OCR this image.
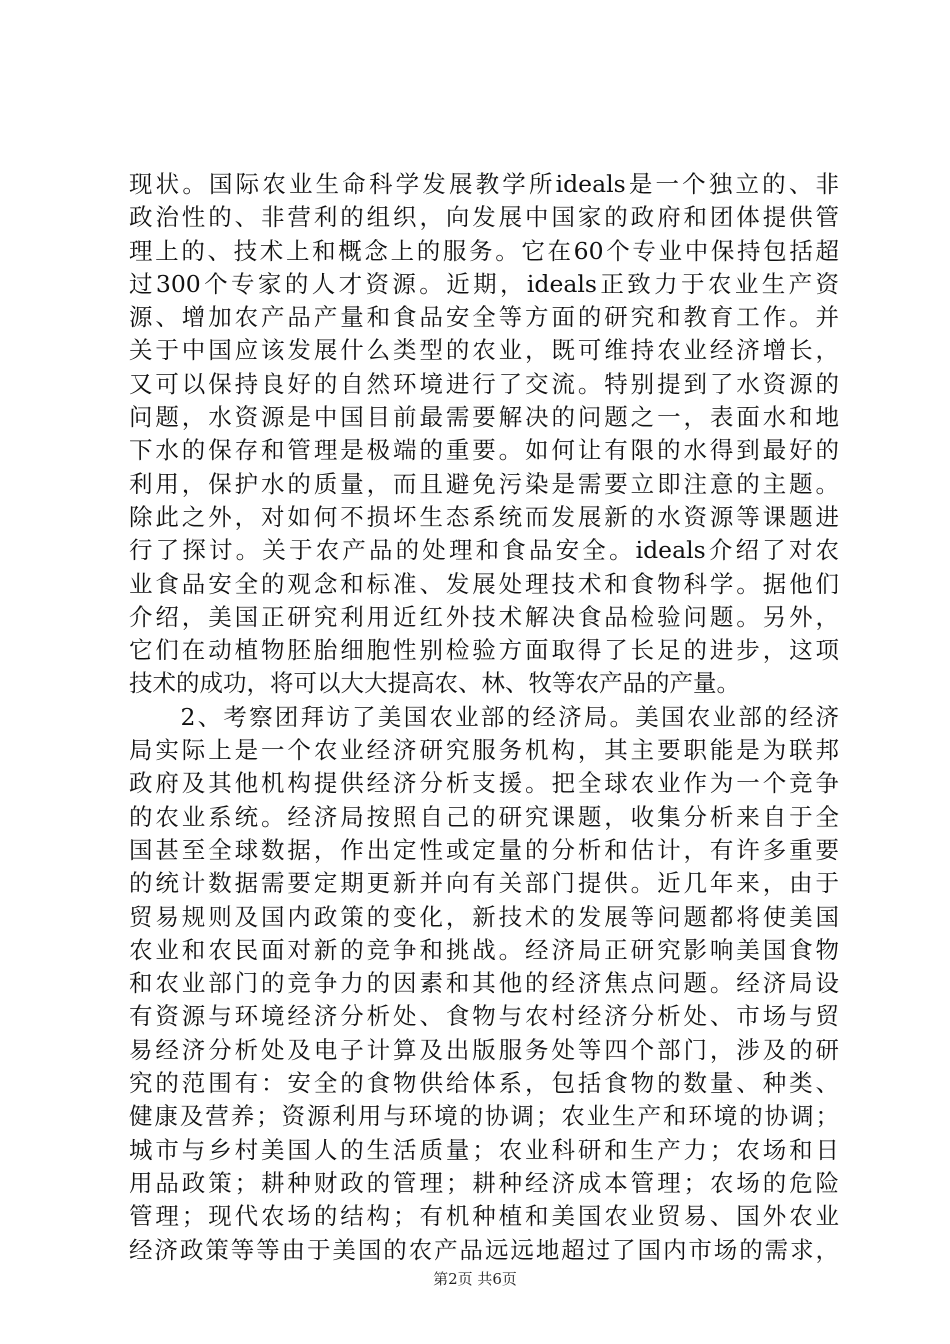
现状。国际农业生命科学发展教学所ideals是一个独立的、非
政治性的、非营利的组织，向发展中国家的政府和团体提供管
理上的、技术上和概念上的服务。它在60个专业中保持包括超
过300个专家的人才资源。近期，ideals正致力于农业生产资
源、增加农产品产量和食品安全等方面的研究和教育工作。并
关于中国应该发展什么类型的农业，既可维持农业经济增长，
又可以保持良好的自然环境进行了交流。特别提到了水资源的
问题，水资源是中国目前最需要解决的问题之一，表面水和地
下水的保存和管理是极端的重要。如何让有限的水得到最好的
利用，保护水的质量，而且避免污染是需要立即注意的主题。
除此之外，对如何不损坏生态系统而发展新的水资源等课题进
行了探讨。关于农产品的处理和食品安全。ideals介绍了对农
业食品安全的观念和标准、发展处理技术和食物科学。据他们
介绍，美国正研究利用近红外技术解决食品检验问题。另外，
它们在动植物胚胎细胞性别检验方面取得了长足的进步，这项
技术的成功，将可以大大提高农、林、牧等农产品的产量。
　　2、考察团拜访了美国农业部的经济局。美国农业部的经济
局实际上是一个农业经济研究服务机构，其主要职能是为联邦
政府及其他机构提供经济分析支援。把全球农业作为一个竞争
的农业系统。经济局按照自己的研究课题，收集分析来自于全
国甚至全球数据，作出定性或定量的分析和估计，有许多重要
的统计数据需要定期更新并向有关部门提供。近几年来，由于
贸易规则及国内政策的变化，新技术的发展等问题都将使美国
农业和农民面对新的竞争和挑战。经济局正研究影响美国食物
和农业部门的竞争力的因素和其他的经济焦点问题。经济局设
有资源与环境经济分析处、食物与农村经济分析处、市场与贸
易经济分析处及电子计算及出版服务处等四个部门，涉及的研
究的范围有：安全的食物供给体系，包括食物的数量、种类、
健康及营养；资源利用与环境的协调；农业生产和环境的协调；
城市与乡村美国人的生活质量；农业科研和生产力；农场和日
用品政策；耕种财政的管理；耕种经济成本管理；农场的危险
管理；现代农场的结构；有机种植和美国农业贸易、国外农业
经济政策等等由于美国的农产品远远地超过了国内市场的需求，
第2页 共6页
